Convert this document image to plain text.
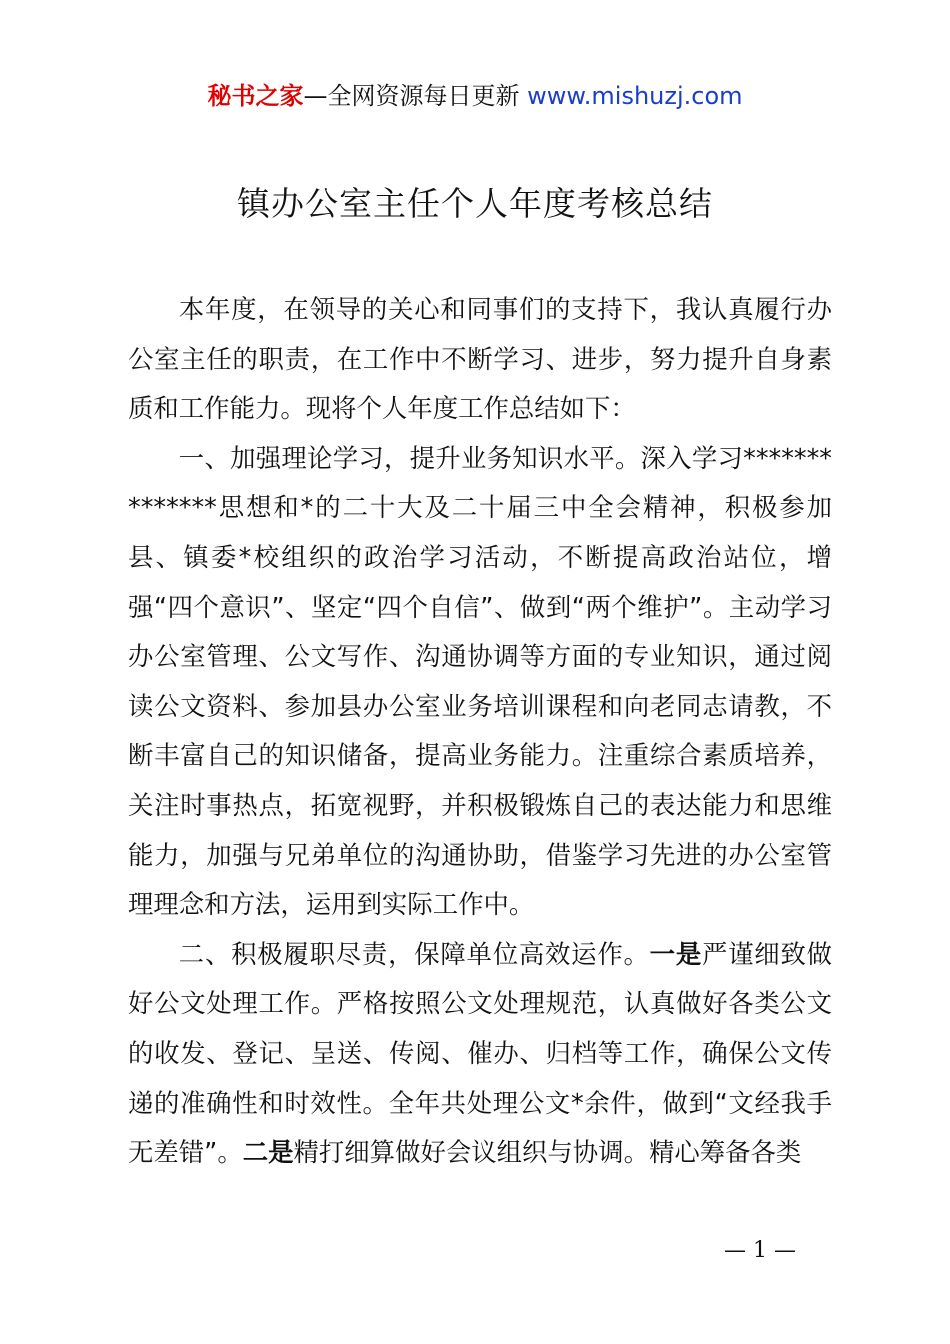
秘书之家—全网资源每日更新 www.mishuzj.com
镇办公室主任个人年度考核总结

本年度，在领导的关心和同事们的支持下，我认真履行办公室主任的职责，在工作中不断学习、进步，努力提升自身素质和工作能力。现将个人年度工作总结如下：

一、加强理论学习，提升业务知识水平。深入学习**************思想和*的二十大及二十届三中全会精神，积极参加县、镇委*校组织的政治学习活动，不断提高政治站位，增强“四个意识”、坚定“四个自信”、做到“两个维护”。主动学习办公室管理、公文写作、沟通协调等方面的专业知识，通过阅读公文资料、参加县办公室业务培训课程和向老同志请教，不断丰富自己的知识储备，提高业务能力。注重综合素质培养，关注时事热点，拓宽视野，并积极锻炼自己的表达能力和思维能力，加强与兄弟单位的沟通协助，借鉴学习先进的办公室管理理念和方法，运用到实际工作中。

二、积极履职尽责，保障单位高效运作。一是严谨细致做好公文处理工作。严格按照公文处理规范，认真做好各类公文的收发、登记、呈送、传阅、催办、归档等工作，确保公文传递的准确性和时效性。全年共处理公文*余件，做到“文经我手无差错”。二是精打细算做好会议组织与协调。精心筹备各类

— 1 —
